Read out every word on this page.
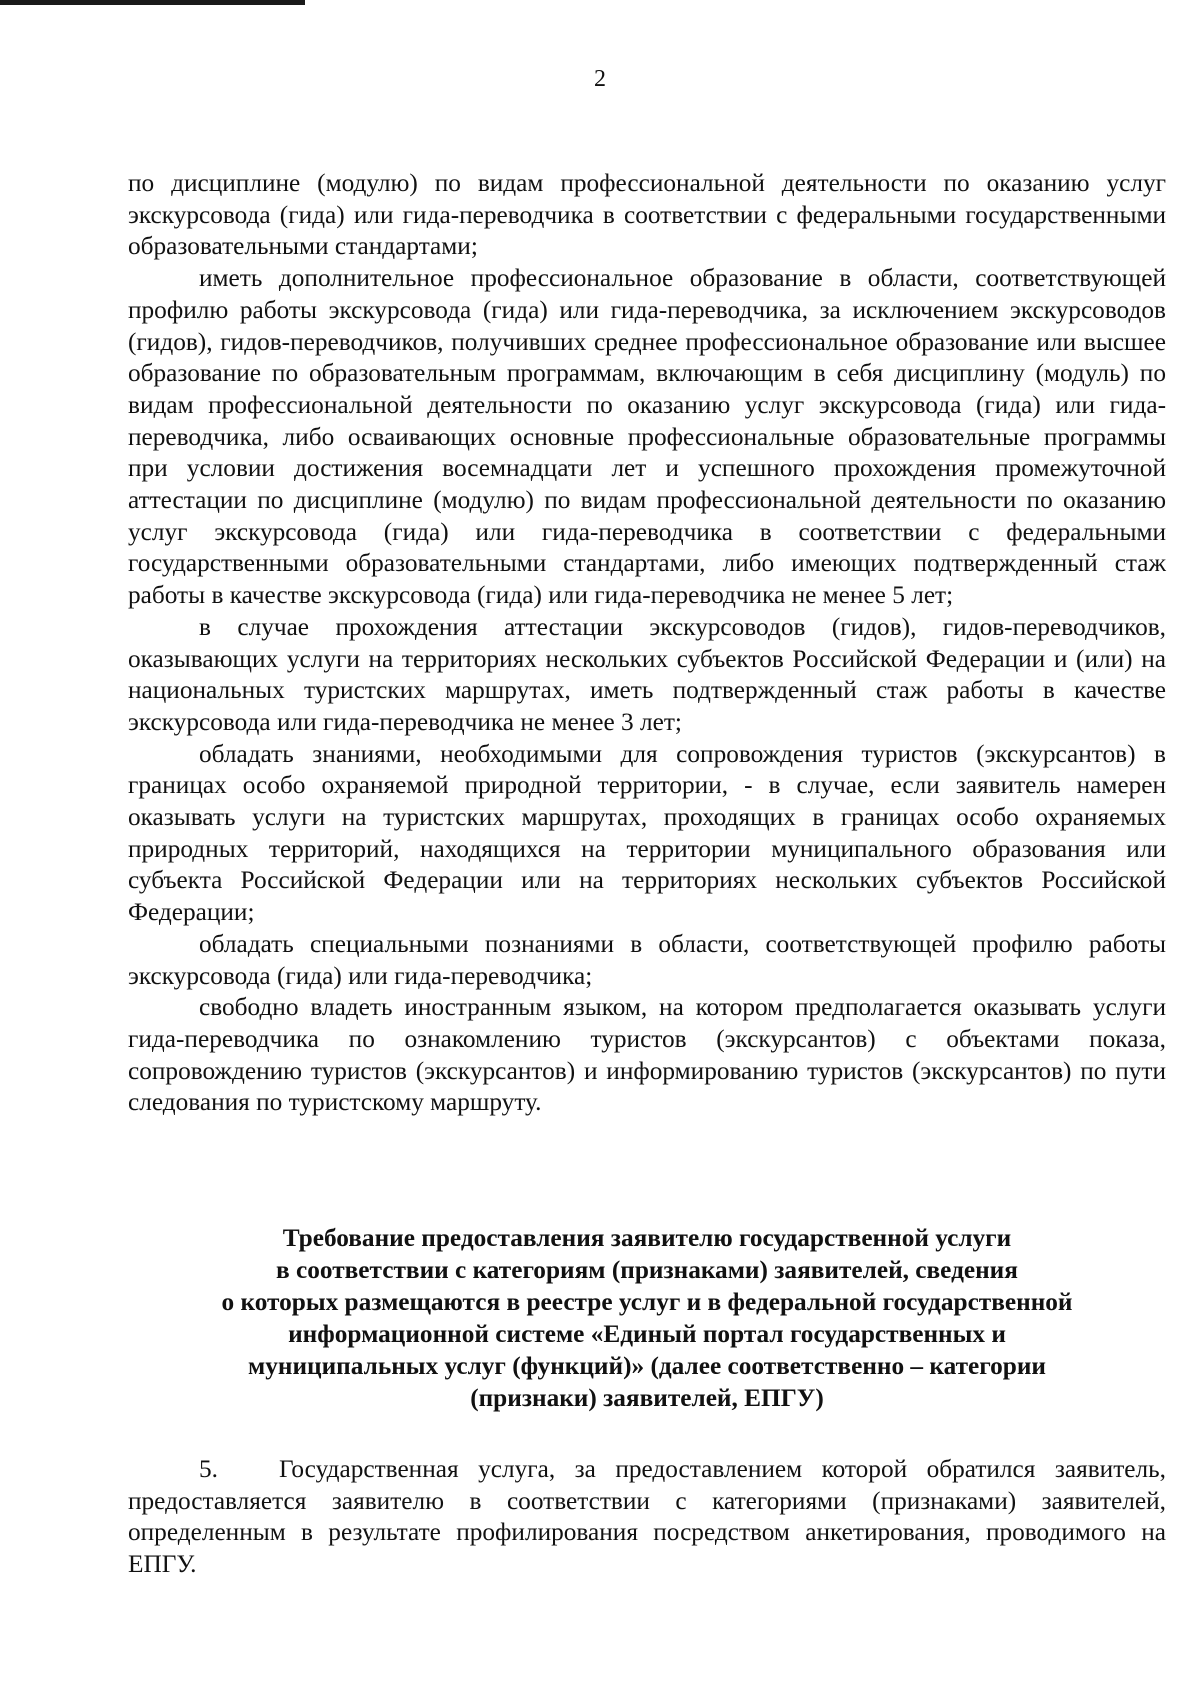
2

по дисциплине (модулю) по видам профессиональной деятельности по оказанию услуг экскурсовода (гида) или гида-переводчика в соответствии с федеральными государственными образовательными стандартами;

иметь дополнительное профессиональное образование в области, соответствующей профилю работы экскурсовода (гида) или гида-переводчика, за исключением экскурсоводов (гидов), гидов-переводчиков, получивших среднее профессиональное образование или высшее образование по образовательным программам, включающим в себя дисциплину (модуль) по видам профессиональной деятельности по оказанию услуг экскурсовода (гида) или гида-переводчика, либо осваивающих основные профессиональные образовательные программы при условии достижения восемнадцати лет и успешного прохождения промежуточной аттестации по дисциплине (модулю) по видам профессиональной деятельности по оказанию услуг экскурсовода (гида) или гида-переводчика в соответствии с федеральными государственными образовательными стандартами, либо имеющих подтвержденный стаж работы в качестве экскурсовода (гида) или гида-переводчика не менее 5 лет;

в случае прохождения аттестации экскурсоводов (гидов), гидов-переводчиков, оказывающих услуги на территориях нескольких субъектов Российской Федерации и (или) на национальных туристских маршрутах, иметь подтвержденный стаж работы в качестве экскурсовода или гида-переводчика не менее 3 лет;

обладать знаниями, необходимыми для сопровождения туристов (экскурсантов) в границах особо охраняемой природной территории, - в случае, если заявитель намерен оказывать услуги на туристских маршрутах, проходящих в границах особо охраняемых природных территорий, находящихся на территории муниципального образования или субъекта Российской Федерации или на территориях нескольких субъектов Российской Федерации;

обладать специальными познаниями в области, соответствующей профилю работы экскурсовода (гида) или гида-переводчика;

свободно владеть иностранным языком, на котором предполагается оказывать услуги гида-переводчика по ознакомлению туристов (экскурсантов) с объектами показа, сопровождению туристов (экскурсантов) и информированию туристов (экскурсантов) по пути следования по туристскому маршруту.

Требование предоставления заявителю государственной услуги
в соответствии с категориям (признаками) заявителей, сведения
о которых размещаются в реестре услуг и в федеральной государственной
информационной системе «Единый портал государственных и
муниципальных услуг (функций)» (далее соответственно – категории
(признаки) заявителей, ЕПГУ)

5. Государственная услуга, за предоставлением которой обратился заявитель, предоставляется заявителю в соответствии с категориями (признаками) заявителей, определенным в результате профилирования посредством анкетирования, проводимого на ЕПГУ.
